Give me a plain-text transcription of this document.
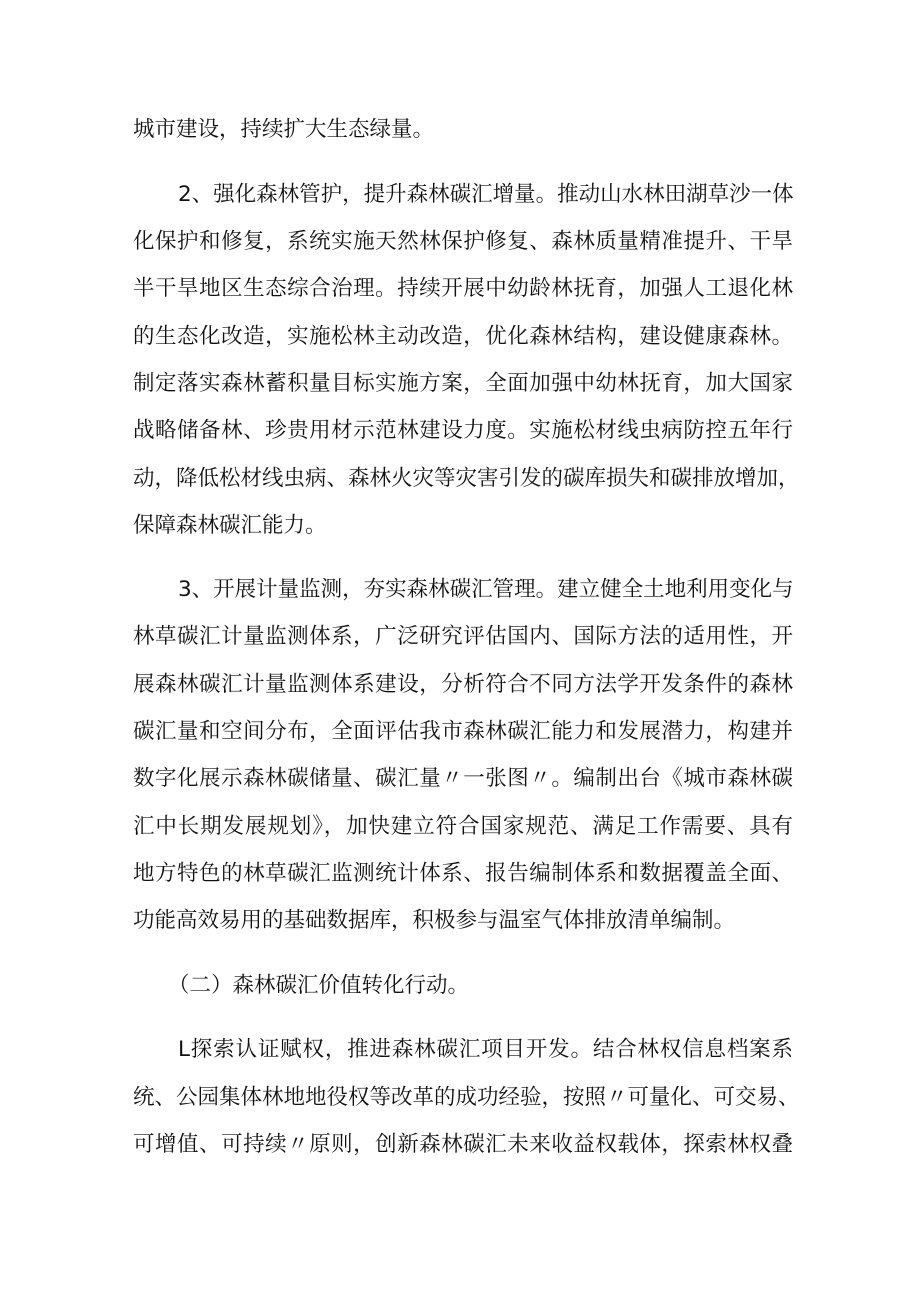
城市建设，持续扩大生态绿量。
2、强化森林管护，提升森林碳汇增量。推动山水林田湖草沙一体
化保护和修复，系统实施天然林保护修复、森林质量精准提升、干旱
半干旱地区生态综合治理。持续开展中幼龄林抚育，加强人工退化林
的生态化改造，实施松林主动改造，优化森林结构，建设健康森林。
制定落实森林蓄积量目标实施方案，全面加强中幼林抚育，加大国家
战略储备林、珍贵用材示范林建设力度。实施松材线虫病防控五年行
动，降低松材线虫病、森林火灾等灾害引发的碳库损失和碳排放增加，
保障森林碳汇能力。
3、开展计量监测，夯实森林碳汇管理。建立健全土地利用变化与
林草碳汇计量监测体系，广泛研究评估国内、国际方法的适用性，开
展森林碳汇计量监测体系建设，分析符合不同方法学开发条件的森林
碳汇量和空间分布，全面评估我市森林碳汇能力和发展潜力，构建并
数字化展示森林碳储量、碳汇量〃一张图〃。编制出台《城市森林碳
汇中长期发展规划》，加快建立符合国家规范、满足工作需要、具有
地方特色的林草碳汇监测统计体系、报告编制体系和数据覆盖全面、
功能高效易用的基础数据库，积极参与温室气体排放清单编制。
（二）森林碳汇价值转化行动。
L探索认证赋权，推进森林碳汇项目开发。结合林权信息档案系
统、公园集体林地地役权等改革的成功经验，按照〃可量化、可交易、
可增值、可持续〃原则，创新森林碳汇未来收益权载体，探索林权叠
